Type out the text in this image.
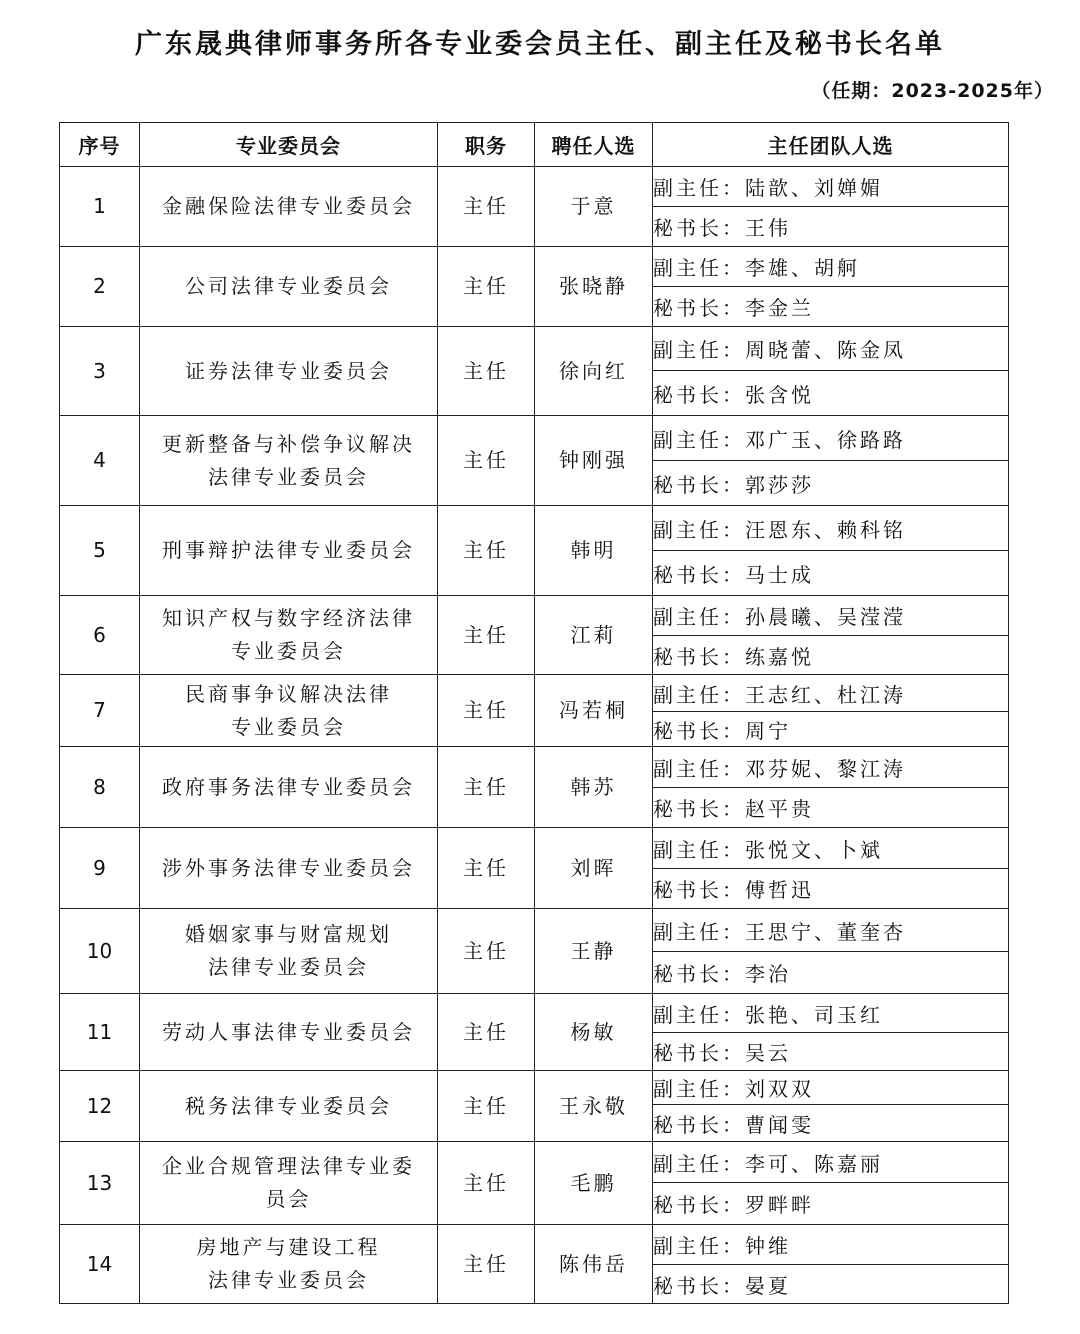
广东晟典律师事务所各专业委会员主任、副主任及秘书长名单
（任期：2023-2025年）
序号	专业委员会	职务	聘任人选	主任团队人选
1	金融保险法律专业委员会	主任	于意	副主任：陆歆、刘婵媚
				秘书长：王伟
2	公司法律专业委员会	主任	张晓静	副主任：李雄、胡舸
				秘书长：李金兰
3	证券法律专业委员会	主任	徐向红	副主任：周晓蕾、陈金凤
				秘书长：张含悦
4	更新整备与补偿争议解决
法律专业委员会	主任	钟刚强	副主任：邓广玉、徐路路
				秘书长：郭莎莎
5	刑事辩护法律专业委员会	主任	韩明	副主任：汪恩东、赖科铭
				秘书长：马士成
6	知识产权与数字经济法律
专业委员会	主任	江莉	副主任：孙晨曦、吴滢滢
				秘书长：练嘉悦
7	民商事争议解决法律
专业委员会	主任	冯若桐	副主任：王志红、杜江涛
				秘书长：周宁
8	政府事务法律专业委员会	主任	韩苏	副主任：邓芬妮、黎江涛
				秘书长：赵平贵
9	涉外事务法律专业委员会	主任	刘晖	副主任：张悦文、卜斌
				秘书长：傅哲迅
10	婚姻家事与财富规划
法律专业委员会	主任	王静	副主任：王思宁、董奎杏
				秘书长：李治
11	劳动人事法律专业委员会	主任	杨敏	副主任：张艳、司玉红
				秘书长：吴云
12	税务法律专业委员会	主任	王永敬	副主任：刘双双
				秘书长：曹闻雯
13	企业合规管理法律专业委
员会	主任	毛鹏	副主任：李可、陈嘉丽
				秘书长：罗畔畔
14	房地产与建设工程
法律专业委员会	主任	陈伟岳	副主任：钟维
				秘书长：晏夏
